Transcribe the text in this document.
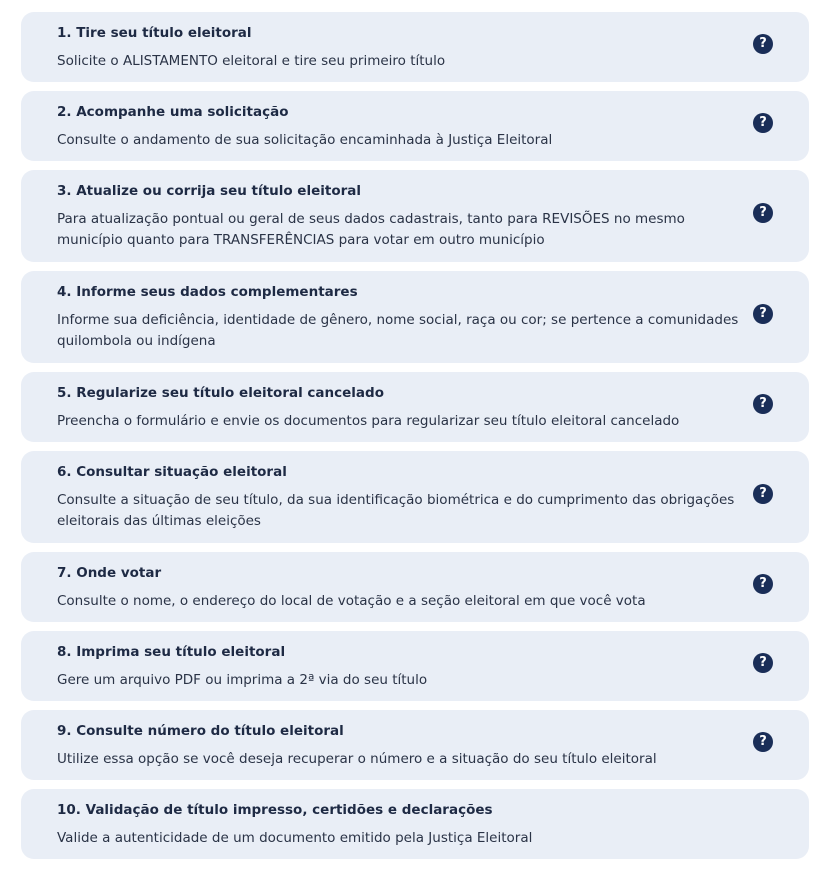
1. Tire seu título eleitoral
Solicite o ALISTAMENTO eleitoral e tire seu primeiro título
?
2. Acompanhe uma solicitação
Consulte o andamento de sua solicitação encaminhada à Justiça Eleitoral
?
3. Atualize ou corrija seu título eleitoral
Para atualização pontual ou geral de seus dados cadastrais, tanto para REVISÕES no mesmo município quanto para TRANSFERÊNCIAS para votar em outro município
?
4. Informe seus dados complementares
Informe sua deficiência, identidade de gênero, nome social, raça ou cor; se pertence a comunidades quilombola ou indígena
?
5. Regularize seu título eleitoral cancelado
Preencha o formulário e envie os documentos para regularizar seu título eleitoral cancelado
?
6. Consultar situação eleitoral
Consulte a situação de seu título, da sua identificação biométrica e do cumprimento das obrigações eleitorais das últimas eleições
?
7. Onde votar
Consulte o nome, o endereço do local de votação e a seção eleitoral em que você vota
?
8. Imprima seu título eleitoral
Gere um arquivo PDF ou imprima a 2ª via do seu título
?
9. Consulte número do título eleitoral
Utilize essa opção se você deseja recuperar o número e a situação do seu título eleitoral
?
10. Validação de título impresso, certidões e declarações
Valide a autenticidade de um documento emitido pela Justiça Eleitoral
